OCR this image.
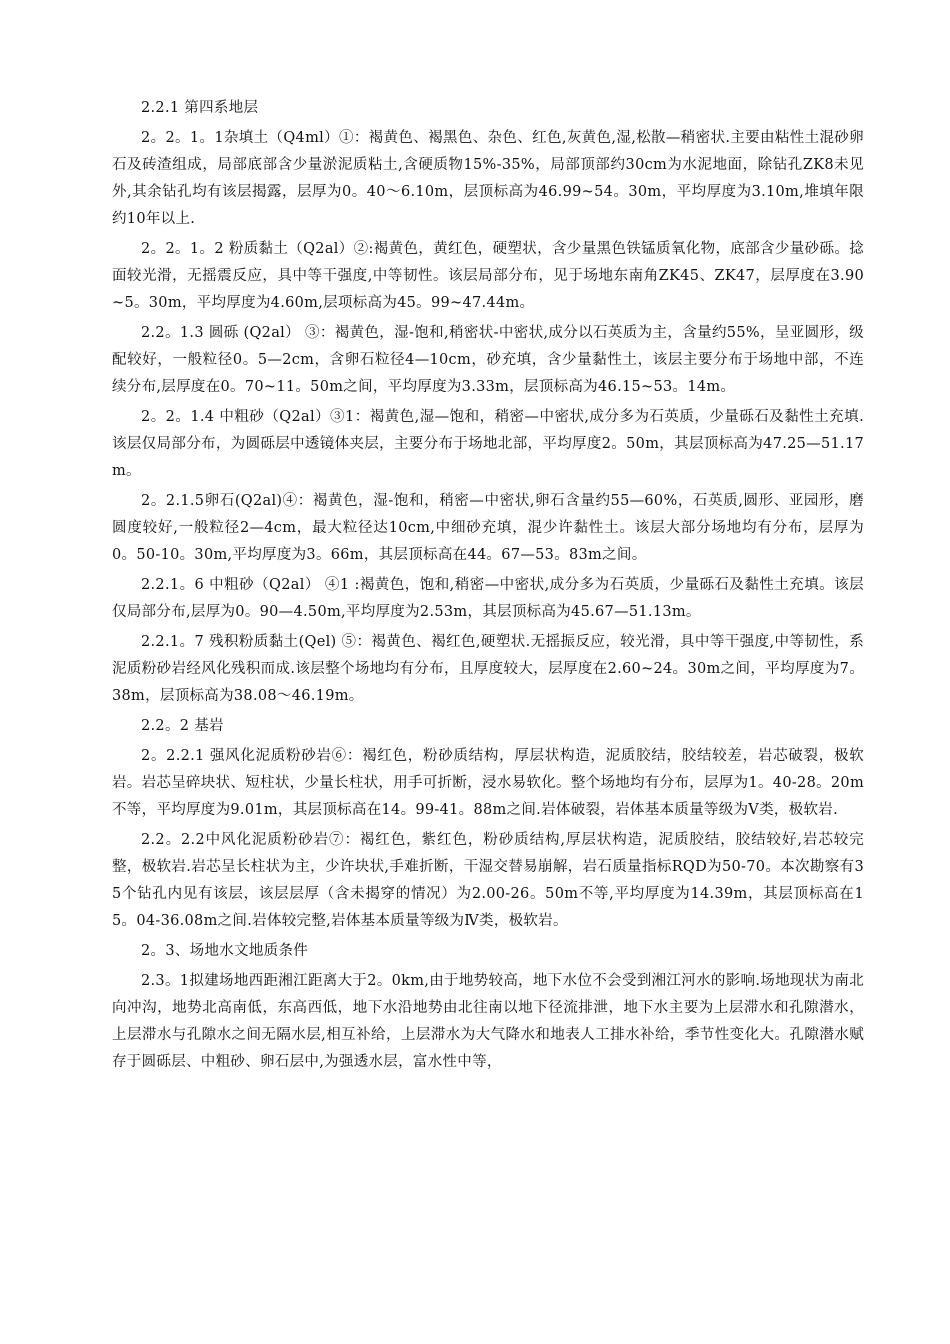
2.2.1 第四系地层

2。2。1。1杂填土（Q4ml）①：褐黄色、褐黑色、杂色、红色,灰黄色,湿,松散—稍密状.主要由粘性土混砂卵石及砖渣组成，局部底部含少量淤泥质粘土,含硬质物15%-35%，局部顶部约30cm为水泥地面，除钻孔ZK8未见外,其余钻孔均有该层揭露，层厚为0。40～6.10m，层顶标高为46.99~54。30m，平均厚度为3.10m,堆填年限约10年以上.

2。2。1。2 粉质黏土（Q2al）②:褐黄色，黄红色，硬塑状，含少量黑色铁锰质氧化物，底部含少量砂砾。捻面较光滑，无摇震反应，具中等干强度,中等韧性。该层局部分布，见于场地东南角ZK45、ZK47，层厚度在3.90~5。30m，平均厚度为4.60m,层项标高为45。99~47.44m。

2.2。1.3 圆砾 (Q2al） ③：褐黄色，湿-饱和,稍密状-中密状,成分以石英质为主，含量约55%，呈亚圆形，级配较好，一般粒径0。5—2cm，含卵石粒径4—10cm，砂充填，含少量黏性土，该层主要分布于场地中部，不连续分布,层厚度在0。70~11。50m之间，平均厚度为3.33m，层顶标高为46.15~53。14m。

2。2。1.4 中粗砂（Q2al）③1：褐黄色,湿—饱和，稍密—中密状,成分多为石英质，少量砾石及黏性土充填.该层仅局部分布，为圆砾层中透镜体夹层，主要分布于场地北部，平均厚度2。50m，其层顶标高为47.25—51.17m。

2。2.1.5卵石(Q2al)④：褐黄色，湿-饱和，稍密—中密状,卵石含量约55—60%，石英质,圆形、亚园形，磨圆度较好,一般粒径2—4cm，最大粒径达10cm,中细砂充填，混少许黏性土。该层大部分场地均有分布，层厚为0。50-10。30m,平均厚度为3。66m，其层顶标高在44。67—53。83m之间。

2.2.1。6 中粗砂（Q2al） ④1 :褐黄色，饱和,稍密—中密状,成分多为石英质，少量砾石及黏性土充填。该层仅局部分布,层厚为0。90—4.50m,平均厚度为2.53m，其层顶标高为45.67—51.13m。

2.2.1。7 残积粉质黏土(Qel) ⑤：褐黄色、褐红色,硬塑状.无摇振反应，较光滑，具中等干强度,中等韧性，系泥质粉砂岩经风化残积而成.该层整个场地均有分布，且厚度较大，层厚度在2.60~24。30m之间，平均厚度为7。38m，层顶标高为38.08～46.19m。

2.2。2 基岩

2。2.2.1 强风化泥质粉砂岩⑥：褐红色，粉砂质结构，厚层状构造，泥质胶结，胶结较差，岩芯破裂，极软岩。岩芯呈碎块状、短柱状，少量长柱状，用手可折断，浸水易软化。整个场地均有分布，层厚为1。40-28。20m不等，平均厚度为9.01m，其层顶标高在14。99-41。88m之间.岩体破裂，岩体基本质量等级为V类，极软岩.

2.2。2.2中风化泥质粉砂岩⑦：褐红色，紫红色，粉砂质结构,厚层状构造，泥质胶结，胶结较好,岩芯较完整，极软岩.岩芯呈长柱状为主，少许块状,手难折断，干湿交替易崩解，岩石质量指标RQD为50-70。本次勘察有35个钻孔内见有该层，该层层厚（含未揭穿的情况）为2.00-26。50m不等,平均厚度为14.39m，其层顶标高在15。04-36.08m之间.岩体较完整,岩体基本质量等级为Ⅳ类，极软岩。

2。3、场地水文地质条件

2.3。1拟建场地西距湘江距离大于2。0km,由于地势较高，地下水位不会受到湘江河水的影响.场地现状为南北向冲沟，地势北高南低，东高西低，地下水沿地势由北往南以地下径流排泄，地下水主要为上层滞水和孔隙潜水，上层滞水与孔隙水之间无隔水层,相互补给，上层滞水为大气降水和地表人工排水补给，季节性变化大。孔隙潜水赋存于圆砾层、中粗砂、卵石层中,为强透水层，富水性中等，
